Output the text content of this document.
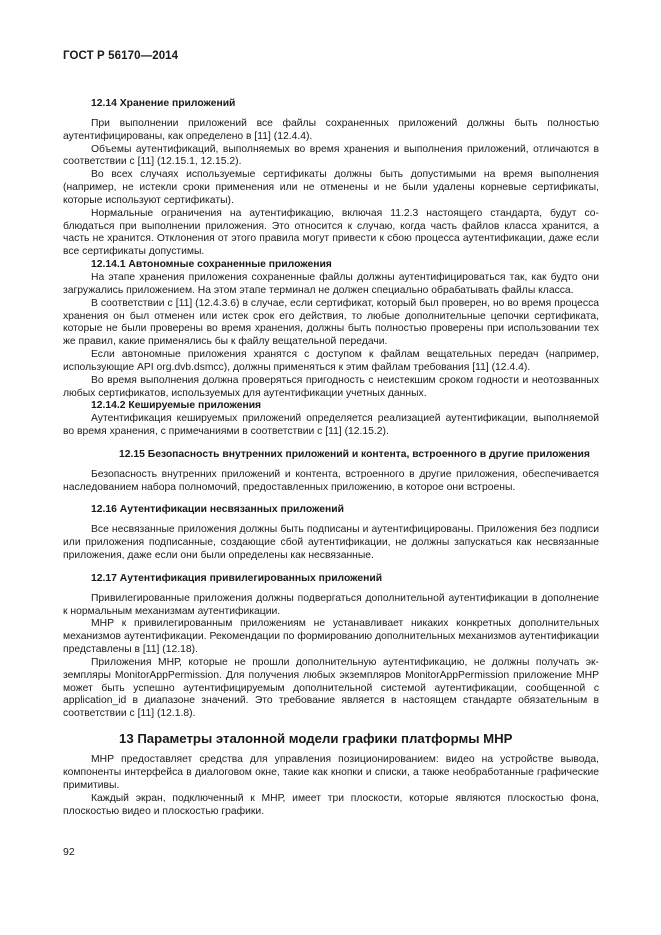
ГОСТ Р 56170—2014

12.14 Хранение приложений

При выполнении приложений все файлы сохраненных приложений должны быть полностью аутентифицированы, как определено в [11] (12.4.4).

Объемы аутентификаций, выполняемых во время хранения и выполнения приложений, отличаются в соответствии с [11] (12.15.1, 12.15.2).

Во всех случаях используемые сертификаты должны быть допустимыми на время выполнения (например, не истекли сроки применения или не отменены и не были удалены корневые сертификаты, которые используют сертификаты).

Нормальные ограничения на аутентификацию, включая 11.2.3 настоящего стандарта, будут соблюдаться при выполнении приложения. Это относится к случаю, когда часть файлов класса хранится, а часть не хранится. Отклонения от этого правила могут привести к сбою процесса аутентификации, даже если все сертификаты допустимы.

12.14.1 Автономные сохраненные приложения

На этапе хранения приложения сохраненные файлы должны аутентифицироваться так, как будто они загружались приложением. На этом этапе терминал не должен специально обрабатывать файлы класса.

В соответствии с [11] (12.4.3.6) в случае, если сертификат, который был проверен, но во время процесса хранения он был отменен или истек срок его действия, то любые дополнительные цепочки сертификата, которые не были проверены во время хранения, должны быть полностью проверены при использовании тех же правил, какие применялись бы к файлу вещательной передачи.

Если автономные приложения хранятся с доступом к файлам вещательных передач (например, использующие API org.dvb.dsmcc), должны применяться к этим файлам требования [11] (12.4.4).

Во время выполнения должна проверяться пригодность с неистекшим сроком годности и неотозванных любых сертификатов, используемых для аутентификации учетных данных.

12.14.2 Кешируемые приложения

Аутентификация кешируемых приложений определяется реализацией аутентификации, выполняемой во время хранения, с примечаниями в соответствии с [11] (12.15.2).

12.15 Безопасность внутренних приложений и контента, встроенного в другие приложения

Безопасность внутренних приложений и контента, встроенного в другие приложения, обеспечивается наследованием набора полномочий, предоставленных приложению, в которое они встроены.

12.16 Аутентификации несвязанных приложений

Все несвязанные приложения должны быть подписаны и аутентифицированы. Приложения без подписи или приложения подписанные, создающие сбой аутентификации, не должны запускаться как несвязанные приложения, даже если они были определены как несвязанные.

12.17 Аутентификация привилегированных приложений

Привилегированные приложения должны подвергаться дополнительной аутентификации в дополнение к нормальным механизмам аутентификации.

МНР к привилегированным приложениям не устанавливает никаких конкретных дополнительных механизмов аутентификации. Рекомендации по формированию дополнительных механизмов аутентификации представлены в [11] (12.18).

Приложения МНР, которые не прошли дополнительную аутентификацию, не должны получать экземпляры MonitorAppPermission. Для получения любых экземпляров MonitorAppPermission приложение МНР может быть успешно аутентифицируемым дополнительной системой аутентификации, сообщенной с application_id в диапазоне значений. Это требование является в настоящем стандарте обязательным в соответствии с [11] (12.1.8).

13 Параметры эталонной модели графики платформы МНР

МНР предоставляет средства для управления позиционированием: видео на устройстве вывода, компоненты интерфейса в диалоговом окне, такие как кнопки и списки, а также необработанные графические примитивы.

Каждый экран, подключенный к МНР, имеет три плоскости, которые являются плоскостью фона, плоскостью видео и плоскостью графики.

92
